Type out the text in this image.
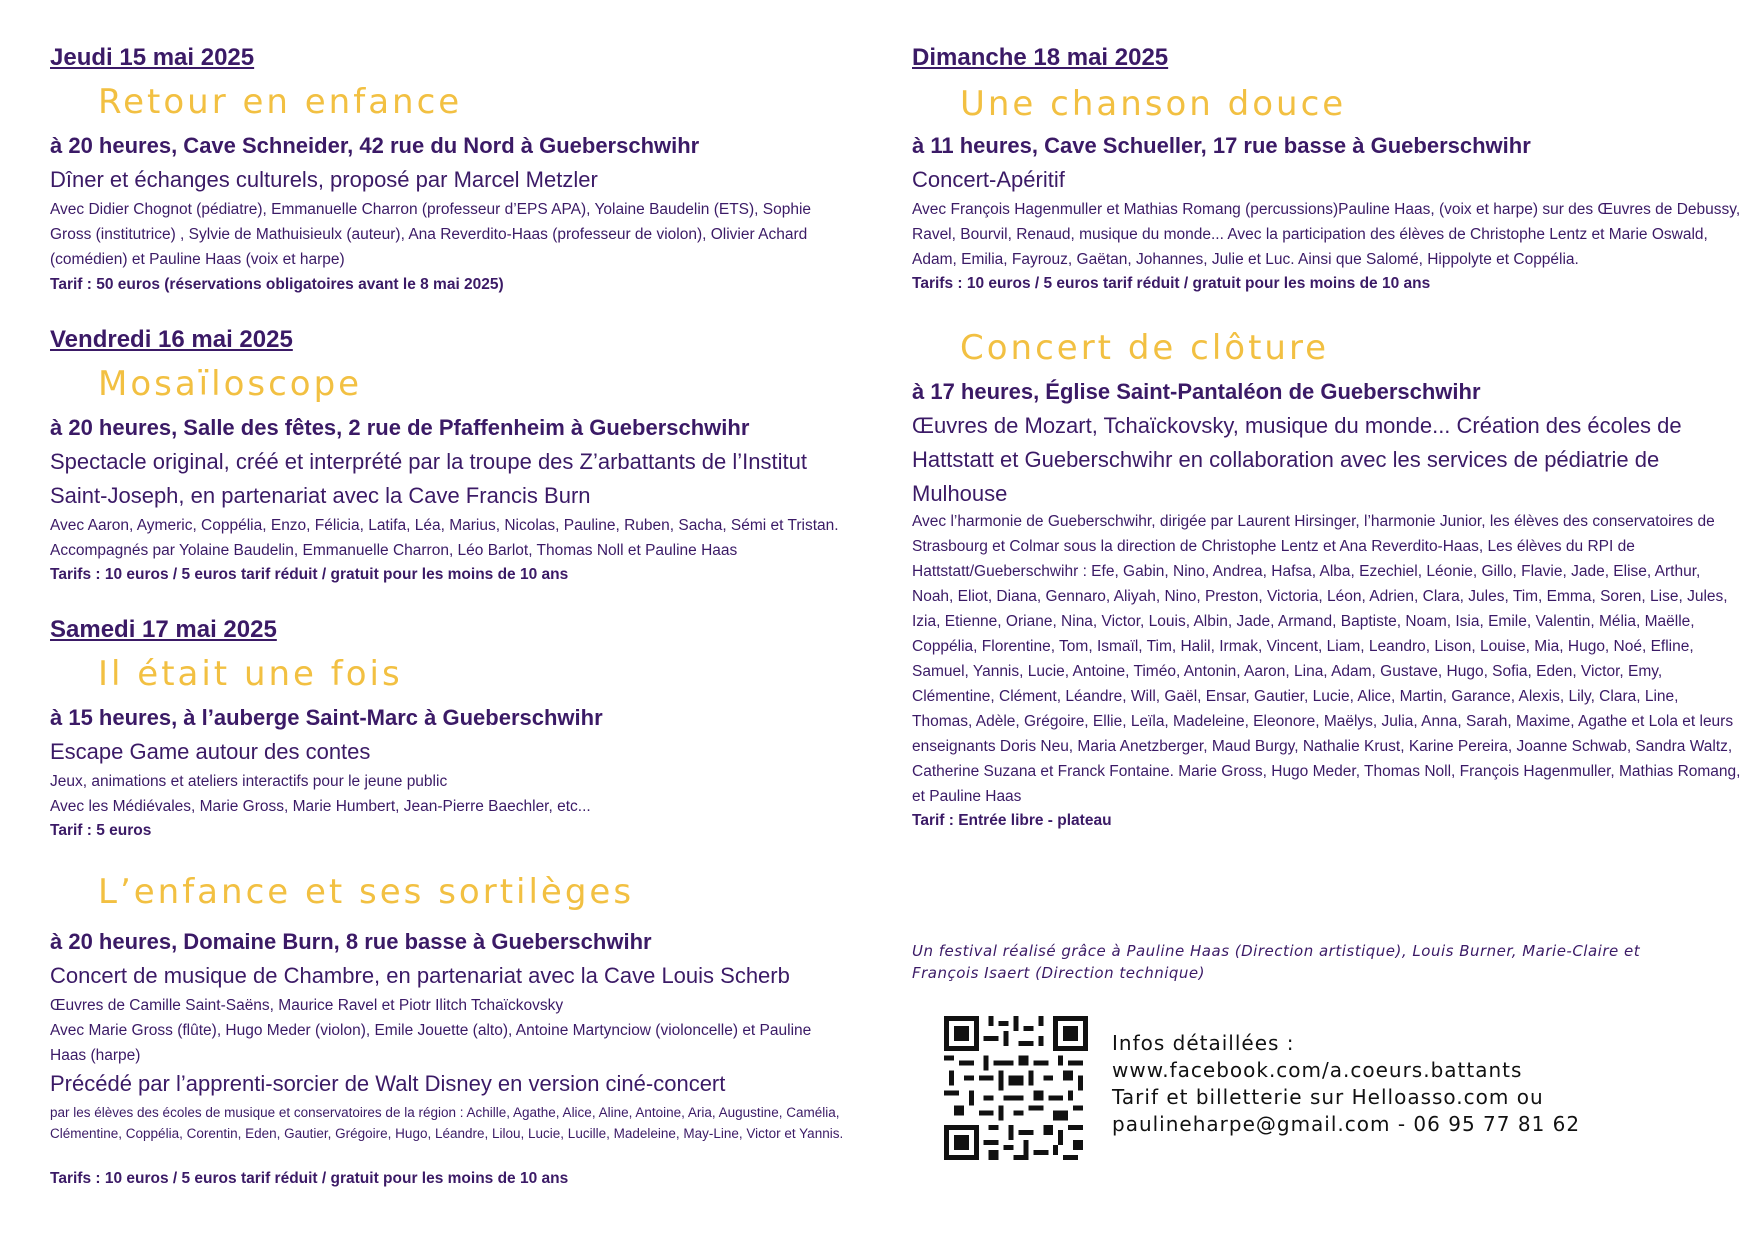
Jeudi 15 mai 2025
Retour en enfance

à 20 heures, Cave Schneider, 42 rue du Nord à Gueberschwihr

Dîner et échanges culturels, proposé par Marcel Metzler

Avec Didier Chognot (pédiatre), Emmanuelle Charron (professeur d’EPS APA), Yolaine Baudelin (ETS), Sophie Gross (institutrice) , Sylvie de Mathuisieulx (auteur), Ana Reverdito-Haas (professeur de violon), Olivier Achard (comédien) et Pauline Haas (voix et harpe)

Tarif : 50 euros (réservations obligatoires avant le 8 mai 2025)

Vendredi 16 mai 2025
Mosaïloscope

à 20 heures, Salle des fêtes, 2 rue de Pfaffenheim à Gueberschwihr

Spectacle original, créé et interprété par la troupe des Z’arbattants de l’Institut Saint-Joseph, en partenariat avec la Cave Francis Burn

Avec Aaron, Aymeric, Coppélia, Enzo, Félicia, Latifa, Léa, Marius, Nicolas, Pauline, Ruben, Sacha, Sémi et Tristan. Accompagnés par Yolaine Baudelin, Emmanuelle Charron, Léo Barlot, Thomas Noll et Pauline Haas

Tarifs : 10 euros / 5 euros tarif réduit / gratuit pour les moins de 10 ans

Samedi 17 mai 2025
Il était une fois

à 15 heures, à l’auberge Saint-Marc à Gueberschwihr

Escape Game autour des contes

Jeux, animations et ateliers interactifs pour le jeune public

Avec les Médiévales, Marie Gross, Marie Humbert, Jean-Pierre Baechler, etc...

Tarif : 5 euros

L’enfance et ses sortilèges

à 20 heures, Domaine Burn, 8 rue basse à Gueberschwihr

Concert de musique de Chambre, en partenariat avec la Cave Louis Scherb

Œuvres de Camille Saint-Saëns, Maurice Ravel et Piotr Ilitch Tchaïckovsky

Avec Marie Gross (flûte), Hugo Meder (violon), Emile Jouette (alto), Antoine Martynciow (violoncelle) et Pauline Haas (harpe)

Précédé par l’apprenti-sorcier de Walt Disney en version ciné-concert

par les élèves des écoles de musique et conservatoires de la région : Achille, Agathe, Alice, Aline, Antoine, Aria, Augustine, Camélia, Clémentine, Coppélia, Corentin, Eden, Gautier, Grégoire, Hugo, Léandre, Lilou, Lucie, Lucille, Madeleine, May-Line, Victor et Yannis.

Tarifs : 10 euros / 5 euros tarif réduit / gratuit pour les moins de 10 ans

Dimanche 18 mai 2025
Une chanson douce

à 11 heures, Cave Schueller, 17 rue basse à Gueberschwihr

Concert-Apéritif

Avec François Hagenmuller et Mathias Romang (percussions)Pauline Haas, (voix et harpe) sur des Œuvres de Debussy, Ravel, Bourvil, Renaud, musique du monde... Avec la participation des élèves de Christophe Lentz et Marie Oswald, Adam, Emilia, Fayrouz, Gaëtan, Johannes, Julie et Luc. Ainsi que Salomé, Hippolyte et Coppélia.

Tarifs : 10 euros / 5 euros tarif réduit / gratuit pour les moins de 10 ans

Concert de clôture

à 17 heures, Église Saint-Pantaléon de Gueberschwihr

Œuvres de Mozart, Tchaïckovsky, musique du monde... Création des écoles de Hattstatt et Gueberschwihr en collaboration avec les services de pédiatrie de Mulhouse

Avec l’harmonie de Gueberschwihr, dirigée par Laurent Hirsinger, l’harmonie Junior, les élèves des conservatoires de Strasbourg et Colmar sous la direction de Christophe Lentz et Ana Reverdito-Haas, Les élèves du RPI de Hattstatt/Gueberschwihr : Efe, Gabin, Nino, Andrea, Hafsa, Alba, Ezechiel, Léonie, Gillo, Flavie, Jade, Elise, Arthur, Noah, Eliot, Diana, Gennaro, Aliyah, Nino, Preston, Victoria, Léon, Adrien, Clara, Jules, Tim, Emma, Soren, Lise, Jules, Izia, Etienne, Oriane, Nina, Victor, Louis, Albin, Jade, Armand, Baptiste, Noam, Isia, Emile, Valentin, Mélia, Maëlle, Coppélia, Florentine, Tom, Ismaïl, Tim, Halil, Irmak, Vincent, Liam, Leandro, Lison, Louise, Mia, Hugo, Noé, Efline, Samuel, Yannis, Lucie, Antoine, Timéo, Antonin, Aaron, Lina, Adam, Gustave, Hugo, Sofia, Eden, Victor, Emy, Clémentine, Clément, Léandre, Will, Gaël, Ensar, Gautier, Lucie, Alice, Martin, Garance, Alexis, Lily, Clara, Line, Thomas, Adèle, Grégoire, Ellie, Leïla, Madeleine, Eleonore, Maëlys, Julia, Anna, Sarah, Maxime, Agathe et Lola et leurs enseignants Doris Neu, Maria Anetzberger, Maud Burgy, Nathalie Krust, Karine Pereira, Joanne Schwab, Sandra Waltz, Catherine Suzana et Franck Fontaine. Marie Gross, Hugo Meder, Thomas Noll, François Hagenmuller, Mathias Romang, et Pauline Haas

Tarif : Entrée libre - plateau

Un festival réalisé grâce à Pauline Haas (Direction artistique), Louis Burner, Marie-Claire et François Isaert (Direction technique)

Infos détaillées :
www.facebook.com/a.coeurs.battants
Tarif et billetterie sur Helloasso.com ou
paulineharpe@gmail.com - 06 95 77 81 62
